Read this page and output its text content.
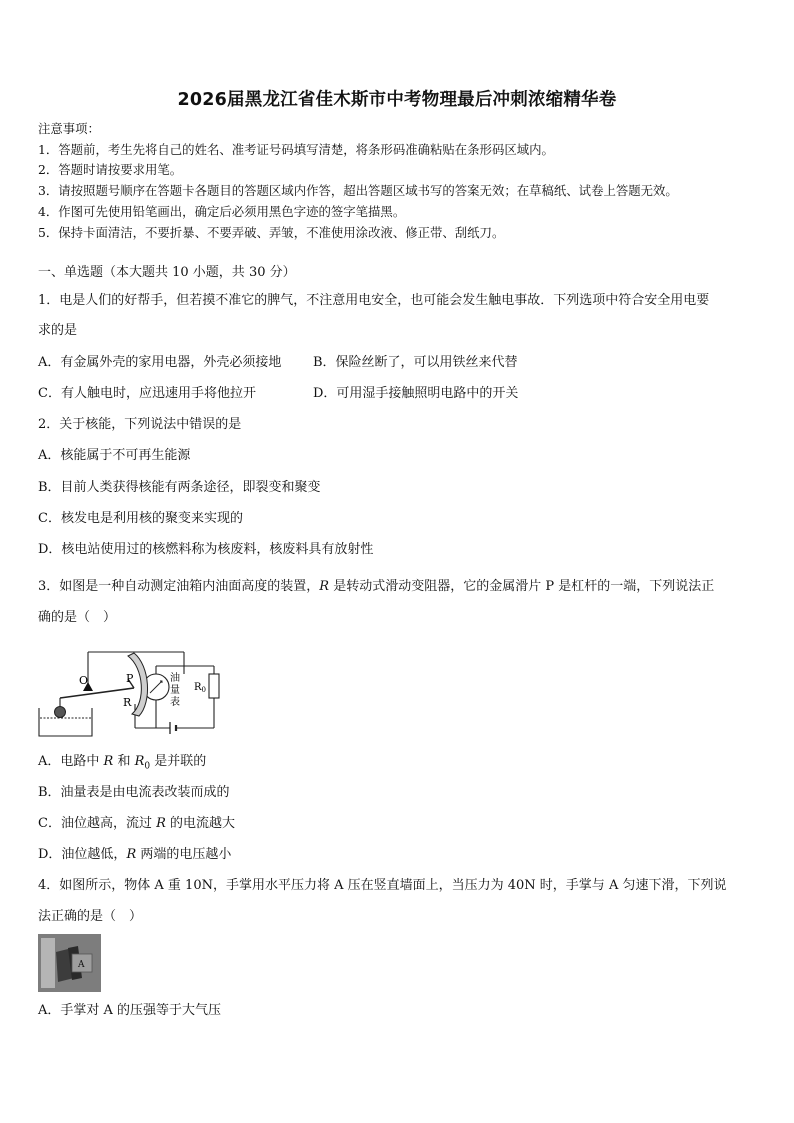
2026届黑龙江省佳木斯市中考物理最后冲刺浓缩精华卷
注意事项：
1．答题前，考生先将自己的姓名、准考证号码填写清楚，将条形码准确粘贴在条形码区域内。
2．答题时请按要求用笔。
3．请按照题号顺序在答题卡各题目的答题区域内作答，超出答题区域书写的答案无效；在草稿纸、试卷上答题无效。
4．作图可先使用铅笔画出，确定后必须用黑色字迹的签字笔描黑。
5．保持卡面清洁，不要折暴、不要弄破、弄皱，不准使用涂改液、修正带、刮纸刀。
一、单选题（本大题共 10 小题，共 30 分）
1．电是人们的好帮手，但若摸不准它的脾气，不注意用电安全，也可能会发生触电事故．下列选项中符合安全用电要
求的是
A．有金属外壳的家用电器，外壳必须接地 B．保险丝断了，可以用铁丝来代替
C．有人触电时，应迅速用手将他拉开	D．可用湿手接触照明电路中的开关
2．关于核能，下列说法中错误的是
A．核能属于不可再生能源
B．目前人类获得核能有两条途径，即裂变和聚变
C．核发电是利用核的聚变来实现的
D．核电站使用过的核燃料称为核废料，核废料具有放射性
3．如图是一种自动测定油箱内油面高度的装置，R 是转动式滑动变阻器，它的金属滑片 P 是杠杆的一端，下列说法正
确的是（　）
O	P
R
油
量
表
$R_0$
A．电路中 R 和 $R_0$ 是并联的
B．油量表是由电流表改装而成的
C．油位越高，流过 R 的电流越大
D．油位越低，R 两端的电压越小
4．如图所示，物体 A 重 10N，手掌用水平压力将 A 压在竖直墙面上，当压力为 40N 时，手掌与 A 匀速下滑，下列说
法正确的是（　）
A
A．手掌对 A 的压强等于大气压
